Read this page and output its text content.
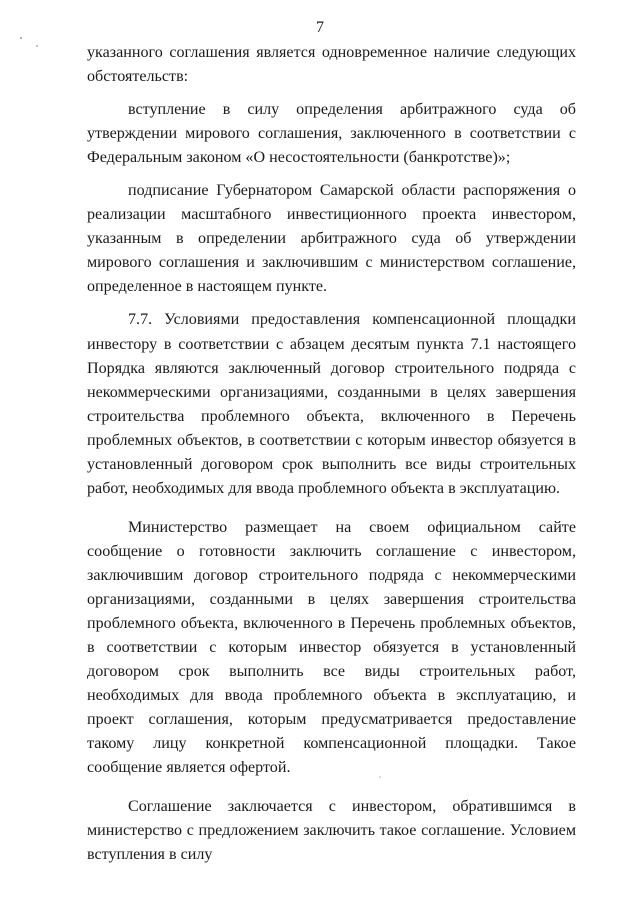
7

указанного соглашения является одновременное наличие следующих обстоятельств:

вступление в силу определения арбитражного суда об утверждении мирового соглашения, заключенного в соответствии с Федеральным законом «О несостоятельности (банкротстве)»;

подписание Губернатором Самарской области распоряжения о реализации масштабного инвестиционного проекта инвестором, указанным в определении арбитражного суда об утверждении мирового соглашения и заключившим с министерством соглашение, определенное в настоящем пункте.

7.7. Условиями предоставления компенсационной площадки инвестору в соответствии с абзацем десятым пункта 7.1 настоящего Порядка являются заключенный договор строительного подряда с некоммерческими организациями, созданными в целях завершения строительства проблемного объекта, включенного в Перечень проблемных объектов, в соответствии с которым инвестор обязуется в установленный договором срок выполнить все виды строительных работ, необходимых для ввода проблемного объекта в эксплуатацию.

Министерство размещает на своем официальном сайте сообщение о готовности заключить соглашение с инвестором, заключившим договор строительного подряда с некоммерческими организациями, созданными в целях завершения строительства проблемного объекта, включенного в Перечень проблемных объектов, в соответствии с которым инвестор обязуется в установленный договором срок выполнить все виды строительных работ, необходимых для ввода проблемного объекта в эксплуатацию, и проект соглашения, которым предусматривается предоставление такому лицу конкретной компенсационной площадки. Такое сообщение является офертой.

Соглашение заключается с инвестором, обратившимся в министерство с предложением заключить такое соглашение. Условием вступления в силу
